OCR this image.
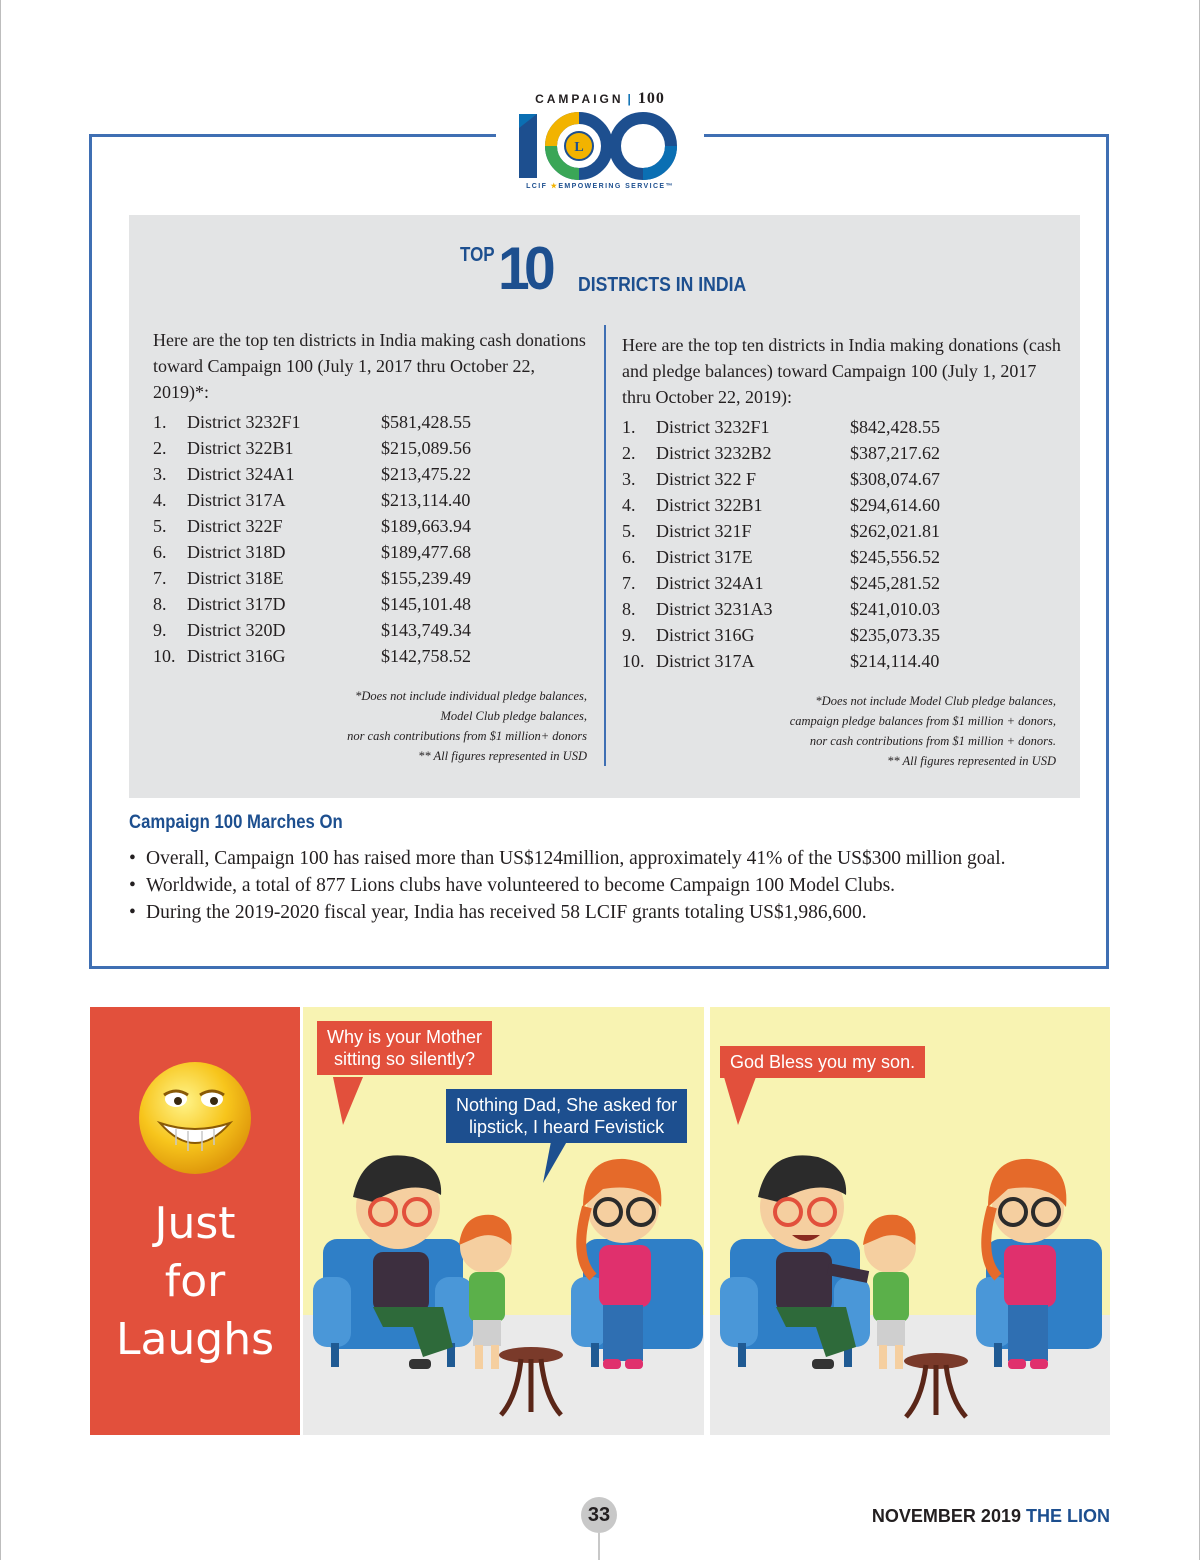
CAMPAIGN | 100
L
LCIF ★EMPOWERING SERVICE™
TOP 10 DISTRICTS IN INDIA

Here are the top ten districts in India making cash donations toward Campaign 100 (July 1, 2017 thru October 22, 2019)*:

1. District 3232F1	$581,428.55
2. District 322B1	$215,089.56
3. District 324A1	$213,475.22
4. District 317A	$213,114.40
5. District 322F	$189,663.94
6. District 318D	$189,477.68
7. District 318E	$155,239.49
8. District 317D	$145,101.48
9. District 320D	$143,749.34
10. District 316G	$142,758.52

Here are the top ten districts in India making donations (cash and pledge balances) toward Campaign 100 (July 1, 2017 thru October 22, 2019):

1. District 3232F1	$842,428.55
2. District 3232B2	$387,217.62
3. District 322 F	$308,074.67
4. District 322B1	$294,614.60
5. District 321F	$262,021.81
6. District 317E	$245,556.52
7. District 324A1	$245,281.52
8. District 3231A3	$241,010.03
9. District 316G	$235,073.35
10. District 317A	$214,114.40
*Does not include individual pledge balances,
Model Club pledge balances,
nor cash contributions from $1 million+ donors
** All figures represented in USD
*Does not include Model Club pledge balances,
campaign pledge balances from $1 million + donors,
nor cash contributions from $1 million + donors.
** All figures represented in USD
Campaign 100 Marches On
• Overall, Campaign 100 has raised more than US$124million, approximately 41% of the US$300 million goal.
• Worldwide, a total of 877 Lions clubs have volunteered to become Campaign 100 Model Clubs.
• During the 2019-2020 fiscal year, India has received 58 LCIF grants totaling US$1,986,600.
Just
for
Laughs
Why is your Mother
sitting so silently?
Nothing Dad, She asked for
lipstick, I heard Fevistick
God Bless you my son.
33	NOVEMBER 2019 THE LION
